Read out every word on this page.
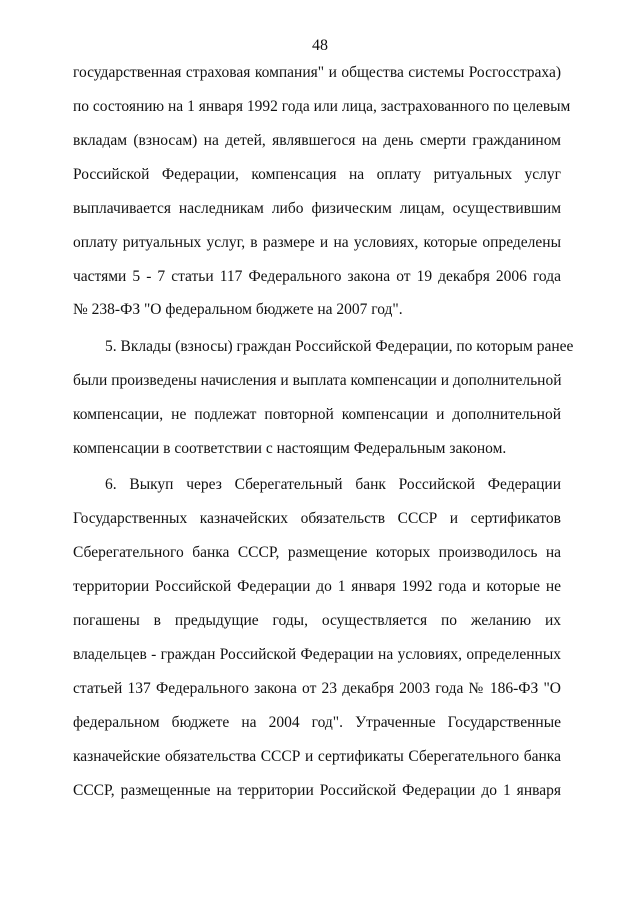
48
государственная страховая компания" и общества системы Росгосстраха)
по состоянию на 1 января 1992 года или лица, застрахованного по целевым
вкладам (взносам) на детей, являвшегося на день смерти гражданином
Российской Федерации, компенсация на оплату ритуальных услуг
выплачивается наследникам либо физическим лицам, осуществившим
оплату ритуальных услуг, в размере и на условиях, которые определены
частями 5 - 7 статьи 117 Федерального закона от 19 декабря 2006 года
№ 238-ФЗ "О федеральном бюджете на 2007 год".
5. Вклады (взносы) граждан Российской Федерации, по которым ранее
были произведены начисления и выплата компенсации и дополнительной
компенсации, не подлежат повторной компенсации и дополнительной
компенсации в соответствии с настоящим Федеральным законом.
6. Выкуп через Сберегательный банк Российской Федерации
Государственных казначейских обязательств СССР и сертификатов
Сберегательного банка СССР, размещение которых производилось на
территории Российской Федерации до 1 января 1992 года и которые не
погашены в предыдущие годы, осуществляется по желанию их
владельцев - граждан Российской Федерации на условиях, определенных
статьей 137 Федерального закона от 23 декабря 2003 года № 186-ФЗ "О
федеральном бюджете на 2004 год". Утраченные Государственные
казначейские обязательства СССР и сертификаты Сберегательного банка
СССР, размещенные на территории Российской Федерации до 1 января
